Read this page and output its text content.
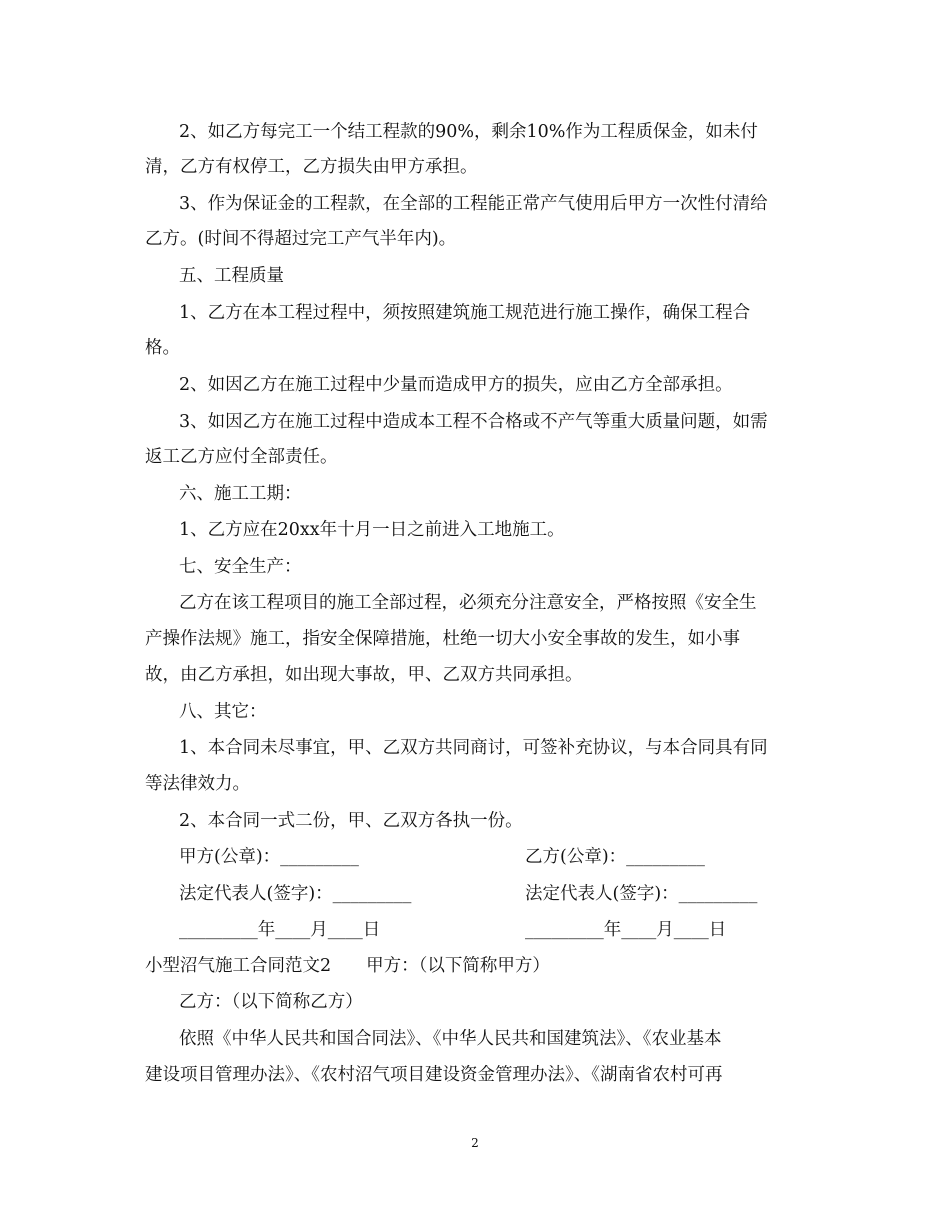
2、如乙方每完工一个结工程款的90%，剩余10%作为工程质保金，如未付
清，乙方有权停工，乙方损失由甲方承担。
3、作为保证金的工程款，在全部的工程能正常产气使用后甲方一次性付清给
乙方。(时间不得超过完工产气半年内)。
五、工程质量
1、乙方在本工程过程中，须按照建筑施工规范进行施工操作，确保工程合
格。
2、如因乙方在施工过程中少量而造成甲方的损失，应由乙方全部承担。
3、如因乙方在施工过程中造成本工程不合格或不产气等重大质量问题，如需
返工乙方应付全部责任。
六、施工工期：
1、乙方应在20xx年十月一日之前进入工地施工。
七、安全生产：
乙方在该工程项目的施工全部过程，必须充分注意安全，严格按照《安全生
产操作法规》施工，指安全保障措施，杜绝一切大小安全事故的发生，如小事
故，由乙方承担，如出现大事故，甲、乙双方共同承担。
八、其它：
1、本合同未尽事宜，甲、乙双方共同商讨，可签补充协议，与本合同具有同
等法律效力。
2、本合同一式二份，甲、乙双方各执一份。
甲方(公章)：_________	乙方(公章)：_________
法定代表人(签字)：_________	法定代表人(签字)：_________
_________年____月____日	_________年____月____日
小型沼气施工合同范文2　　甲方：（以下简称甲方）
乙方：（以下简称乙方）
依照《中华人民共和国合同法》、《中华人民共和国建筑法》、《农业基本
建设项目管理办法》、《农村沼气项目建设资金管理办法》、《湖南省农村可再
2
